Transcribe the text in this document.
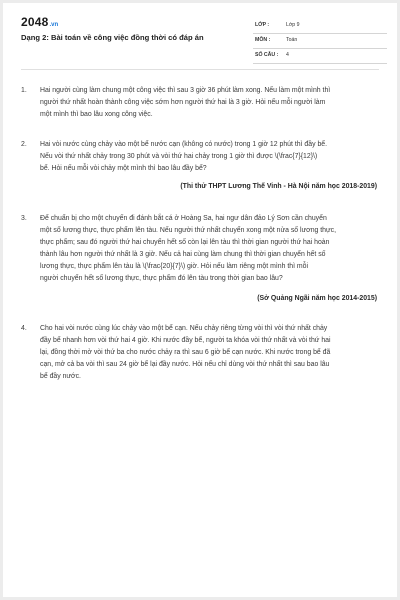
2048.vn
Dạng 2: Bài toán về công việc đồng thời có đáp án
LỚP :	Lớp 9
MÔN :	Toán
SỐ CÂU : 4
1. Hai người cùng làm chung một công việc thì sau 3 giờ 36 phút làm xong. Nếu làm một mình thì
người thứ nhất hoàn thành công việc sớm hơn người thứ hai là 3 giờ. Hỏi nếu mỗi người làm
một mình thì bao lâu xong công việc.
2. Hai vòi nước cùng chảy vào một bể nước cạn (không có nước) trong 1 giờ 12 phút thì đầy bể.
Nếu vòi thứ nhất chảy trong 30 phút và vòi thứ hai chảy trong 1 giờ thì được \(\frac{7}{12}\)
bể. Hỏi nếu mỗi vòi chảy một mình thì bao lâu đầy bể?
(Thi thử THPT Lương Thế Vinh - Hà Nội năm học 2018-2019)
3. Để chuẩn bị cho một chuyến đi đánh bắt cá ở Hoàng Sa, hai ngư dân đảo Lý Sơn cần chuyển
một số lương thực, thực phẩm lên tàu. Nếu người thứ nhất chuyển xong một nửa số lương thực,
thực phẩm; sau đó người thứ hai chuyển hết số còn lại lên tàu thì thời gian người thứ hai hoàn
thành lâu hơn người thứ nhất là 3 giờ. Nếu cả hai cùng làm chung thì thời gian chuyển hết số
lương thực, thực phẩm lên tàu là \(\frac{20}{7}\) giờ. Hỏi nếu làm riêng một mình thì mỗi
người chuyển hết số lương thực, thực phẩm đó lên tàu trong thời gian bao lâu?
(Sở Quảng Ngãi năm học 2014-2015)
4. Cho hai vòi nước cùng lúc chảy vào một bể cạn. Nếu chảy riêng từng vòi thì vòi thứ nhất chảy
đầy bể nhanh hơn vòi thứ hai 4 giờ. Khi nước đầy bể, người ta khóa vòi thứ nhất và vòi thứ hai
lại, đồng thời mở vòi thứ ba cho nước chảy ra thì sau 6 giờ bể cạn nước. Khi nước trong bể đã
cạn, mở cả ba vòi thì sau 24 giờ bể lại đầy nước. Hỏi nếu chỉ dùng vòi thứ nhất thì sau bao lâu
bể đầy nước.
